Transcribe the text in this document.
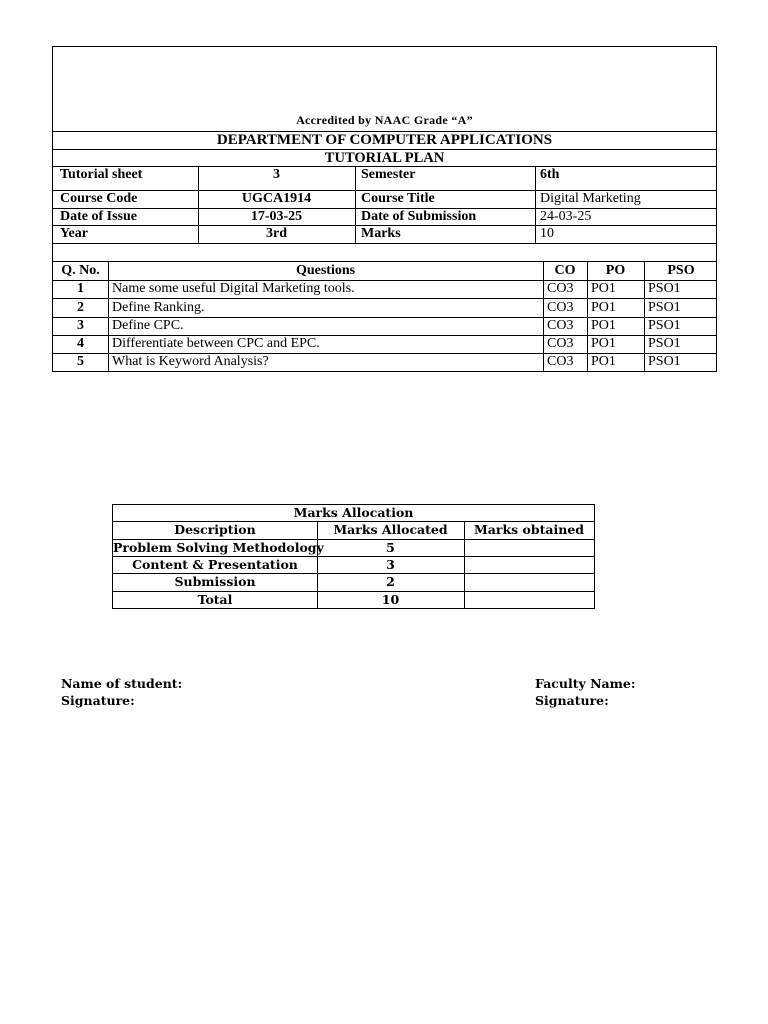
Accredited by NAAC Grade “A”
DEPARTMENT OF COMPUTER APPLICATIONS
TUTORIAL PLAN
Tutorial sheet	3	Semester	6th
Course Code	UGCA1914	Course Title	Digital Marketing
Date of Issue	17-03-25	Date of Submission	24-03-25
Year	3rd	Marks	10
Q. No.	Questions	CO	PO	PSO
1	Name some useful Digital Marketing tools.	CO3 PO1 PSO1
2	Define Ranking.	CO3 PO1 PSO1
3	Define CPC.	CO3 PO1 PSO1
4	Differentiate between CPC and EPC.	CO3 PO1 PSO1
5	What is Keyword Analysis?	CO3 PO1 PSO1
Marks Allocation
Description	Marks Allocated	Marks obtained
Problem Solving Methodology	5
Content & Presentation	3
Submission	2
Total	10
Name of student:
Signature:
Faculty Name:
Signature:
